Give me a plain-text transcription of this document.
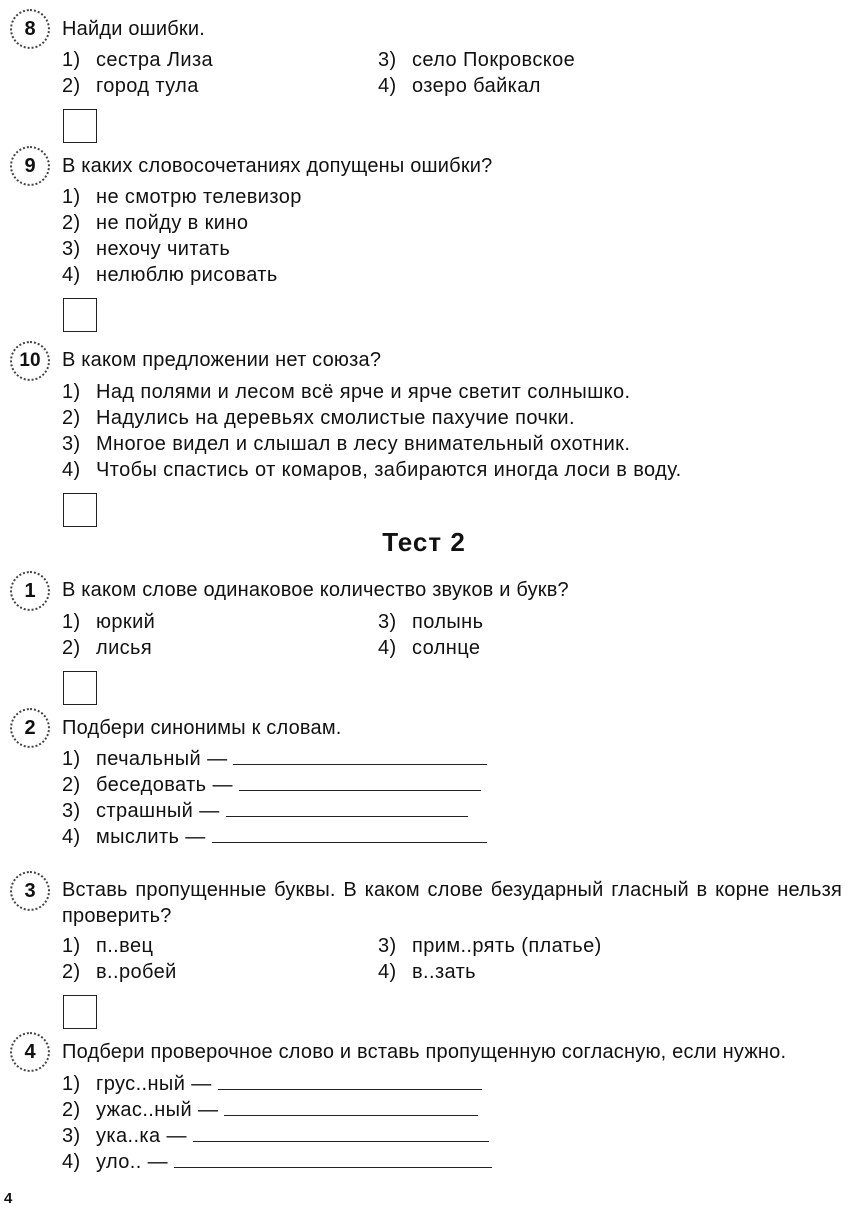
8 Найди ошибки.
1) сестра Лиза
2) город тула
3) село Покровское
4) озеро байкал
9 В каких словосочетаниях допущены ошибки?
1) не смотрю телевизор
2) не пойду в кино
3) нехочу читать
4) нелюблю рисовать
10 В каком предложении нет союза?
1) Над полями и лесом всё ярче и ярче светит солнышко.
2) Надулись на деревьях смолистые пахучие почки.
3) Многое видел и слышал в лесу внимательный охотник.
4) Чтобы спастись от комаров, забираются иногда лоси в воду.
Тест 2
1 В каком слове одинаковое количество звуков и букв?
1) юркий
2) лисья
3) полынь
4) солнце
2 Подбери синонимы к словам.
1) печальный —
2) беседовать —
3) страшный —
4) мыслить —
3 Вставь пропущенные буквы. В каком слове безударный гласный в корне нельзя проверить?
1) п..вец
2) в..робей
3) прим..рять (платье)
4) в..зать
4 Подбери проверочное слово и вставь пропущенную согласную, если нужно.
1) грус..ный —
2) ужас..ный —
3) ука..ка —
4) уло.. —
4
